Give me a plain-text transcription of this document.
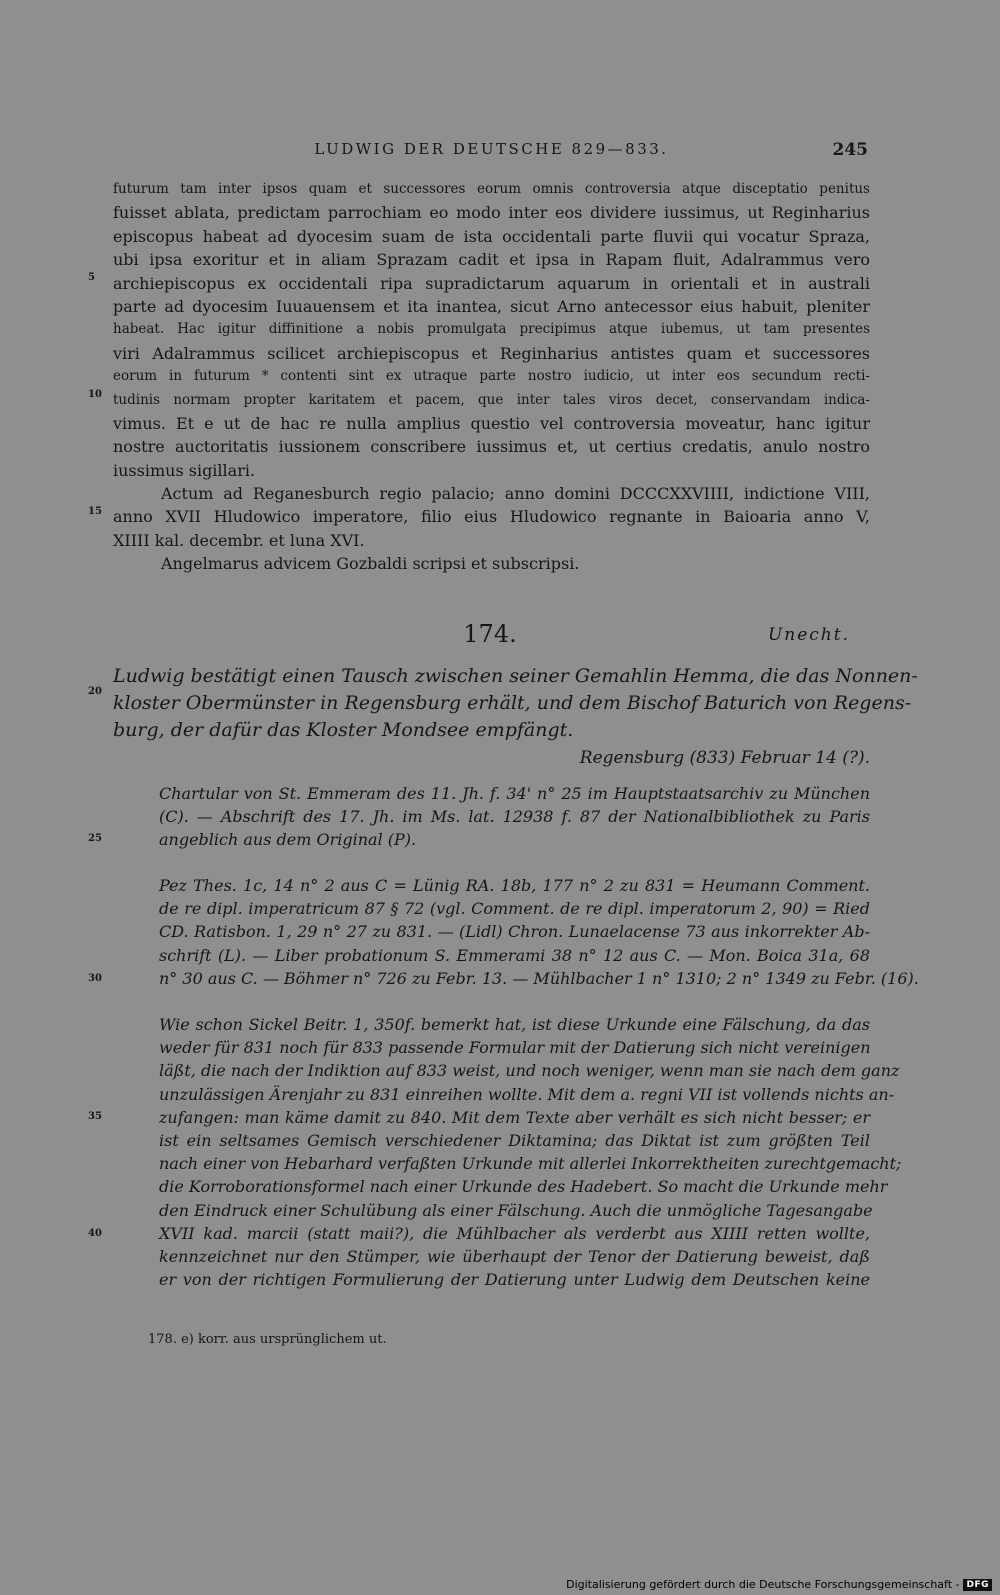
LUDWIG DER DEUTSCHE 829—833.	245
futurum tam inter ipsos quam et successores eorum omnis controversia atque disceptatio penitus
fuisset ablata, predictam parrochiam eo modo inter eos dividere iussimus, ut Reginharius
episcopus habeat ad dyocesim suam de ista occidentali parte fluvii qui vocatur Spraza,
ubi ipsa exoritur et in aliam Sprazam cadit et ipsa in Rapam fluit, Adalrammus vero
archiepiscopus ex occidentali ripa supradictarum aquarum in orientali et in australi
parte ad dyocesim Iuuauensem et ita inantea, sicut Arno antecessor eius habuit, pleniter
habeat. Hac igitur diffinitione a nobis promulgata precipimus atque iubemus, ut tam presentes
viri Adalrammus scilicet archiepiscopus et Reginharius antistes quam et successores
eorum in futurum * contenti sint ex utraque parte nostro iudicio, ut inter eos secundum recti-
tudinis normam propter karitatem et pacem, que inter tales viros decet, conservandam indica-
vimus. Et e ut de hac re nulla amplius questio vel controversia moveatur, hanc igitur
nostre auctoritatis iussionem conscribere iussimus et, ut certius credatis, anulo nostro
iussimus sigillari.
Actum ad Reganesburch regio palacio; anno domini DCCCXXVIIII, indictione VIII,
anno XVII Hludowico imperatore, filio eius Hludowico regnante in Baioaria anno V,
XIIII kal. decembr. et luna XVI.
Angelmarus advicem Gozbaldi scripsi et subscripsi.
5
10
15
20
25
30
35
40
174.	Unecht.
Ludwig bestätigt einen Tausch zwischen seiner Gemahlin Hemma, die das Nonnen-
kloster Obermünster in Regensburg erhält, und dem Bischof Baturich von Regens-
burg, der dafür das Kloster Mondsee empfängt.
Regensburg (833) Februar 14 (?).
Chartular von St. Emmeram des 11. Jh. f. 34' n° 25 im Hauptstaatsarchiv zu München
(C). — Abschrift des 17. Jh. im Ms. lat. 12938 f. 87 der Nationalbibliothek zu Paris
angeblich aus dem Original (P).
Pez Thes. 1c, 14 n° 2 aus C = Lünig RA. 18b, 177 n° 2 zu 831 = Heumann Comment.
de re dipl. imperatricum 87 § 72 (vgl. Comment. de re dipl. imperatorum 2, 90) = Ried
CD. Ratisbon. 1, 29 n° 27 zu 831. — (Lidl) Chron. Lunaelacense 73 aus inkorrekter Ab-
schrift (L). — Liber probationum S. Emmerami 38 n° 12 aus C. — Mon. Boica 31a, 68
n° 30 aus C. — Böhmer n° 726 zu Febr. 13. — Mühlbacher 1 n° 1310; 2 n° 1349 zu Febr. (16).
Wie schon Sickel Beitr. 1, 350f. bemerkt hat, ist diese Urkunde eine Fälschung, da das
weder für 831 noch für 833 passende Formular mit der Datierung sich nicht vereinigen
läßt, die nach der Indiktion auf 833 weist, und noch weniger, wenn man sie nach dem ganz
unzulässigen Ärenjahr zu 831 einreihen wollte. Mit dem a. regni VII ist vollends nichts an-
zufangen: man käme damit zu 840. Mit dem Texte aber verhält es sich nicht besser; er
ist ein seltsames Gemisch verschiedener Diktamina; das Diktat ist zum größten Teil
nach einer von Hebarhard verfaßten Urkunde mit allerlei Inkorrektheiten zurechtgemacht;
die Korroborationsformel nach einer Urkunde des Hadebert. So macht die Urkunde mehr
den Eindruck einer Schulübung als einer Fälschung. Auch die unmögliche Tagesangabe
XVII kad. marcii (statt maii?), die Mühlbacher als verderbt aus XIIII retten wollte,
kennzeichnet nur den Stümper, wie überhaupt der Tenor der Datierung beweist, daß
er von der richtigen Formulierung der Datierung unter Ludwig dem Deutschen keine
178. e) korr. aus ursprünglichem ut.
Digitalisierung gefördert durch die Deutsche Forschungsgemeinschaft - DFG
